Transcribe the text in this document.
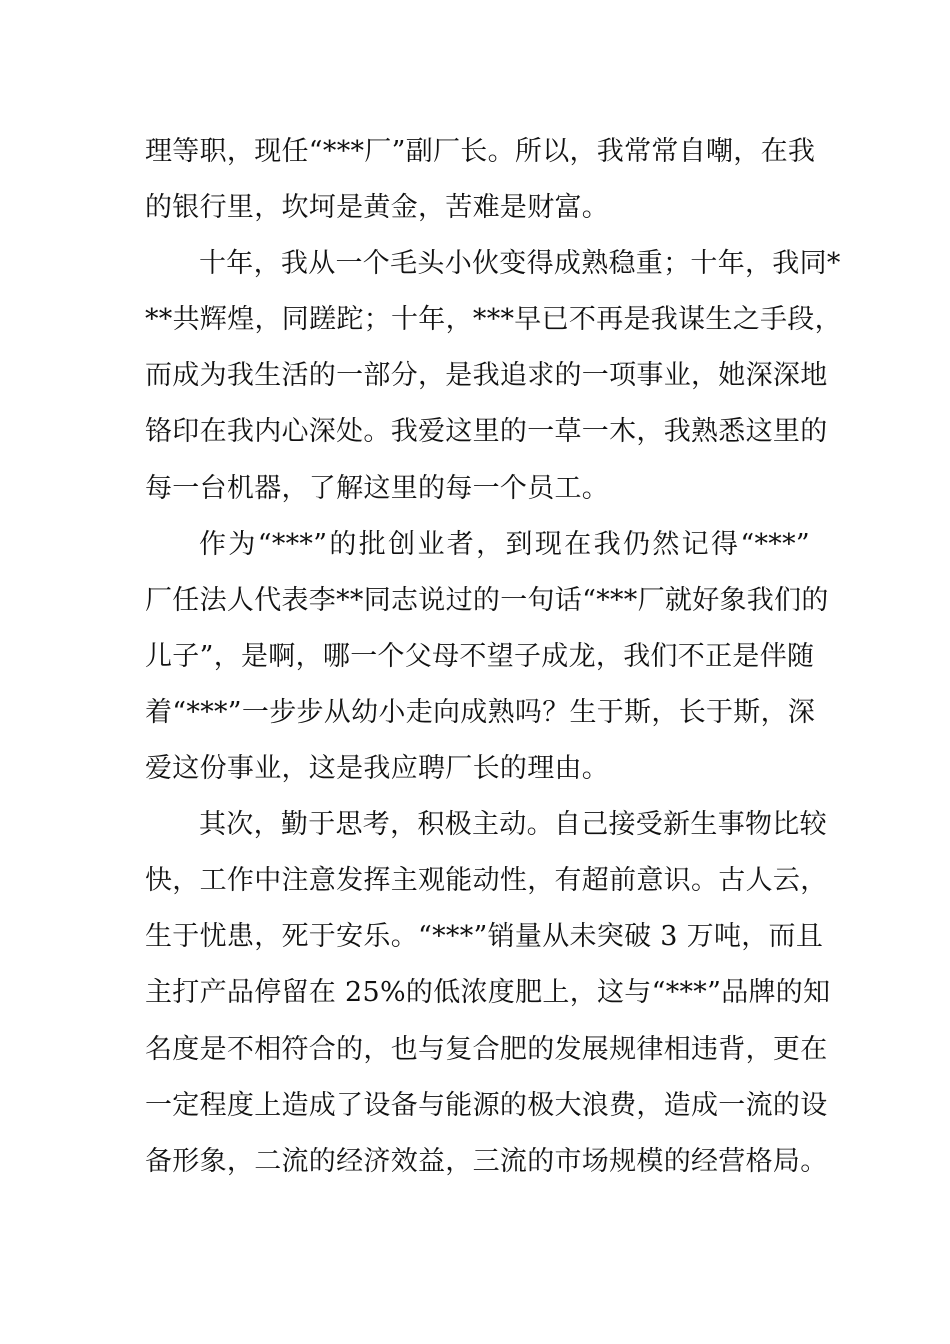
理等职，现任“***厂”副厂长。所以，我常常自嘲，在我
的银行里，坎坷是黄金，苦难是财富。
十年，我从一个毛头小伙变得成熟稳重；十年，我同*
**共辉煌，同蹉跎；十年，***早已不再是我谋生之手段，
而成为我生活的一部分，是我追求的一项事业，她深深地
铬印在我内心深处。我爱这里的一草一木，我熟悉这里的
每一台机器，了解这里的每一个员工。
作为“***”的批创业者，到现在我仍然记得“***”
厂任法人代表李**同志说过的一句话“***厂就好象我们的
儿子”，是啊，哪一个父母不望子成龙，我们不正是伴随
着“***”一步步从幼小走向成熟吗？生于斯，长于斯，深
爱这份事业，这是我应聘厂长的理由。
其次，勤于思考，积极主动。自己接受新生事物比较
快，工作中注意发挥主观能动性，有超前意识。古人云，
生于忧患，死于安乐。“***”销量从未突破 3 万吨，而且
主打产品停留在 25%的低浓度肥上，这与“***”品牌的知
名度是不相符合的，也与复合肥的发展规律相违背，更在
一定程度上造成了设备与能源的极大浪费，造成一流的设
备形象，二流的经济效益，三流的市场规模的经营格局。
